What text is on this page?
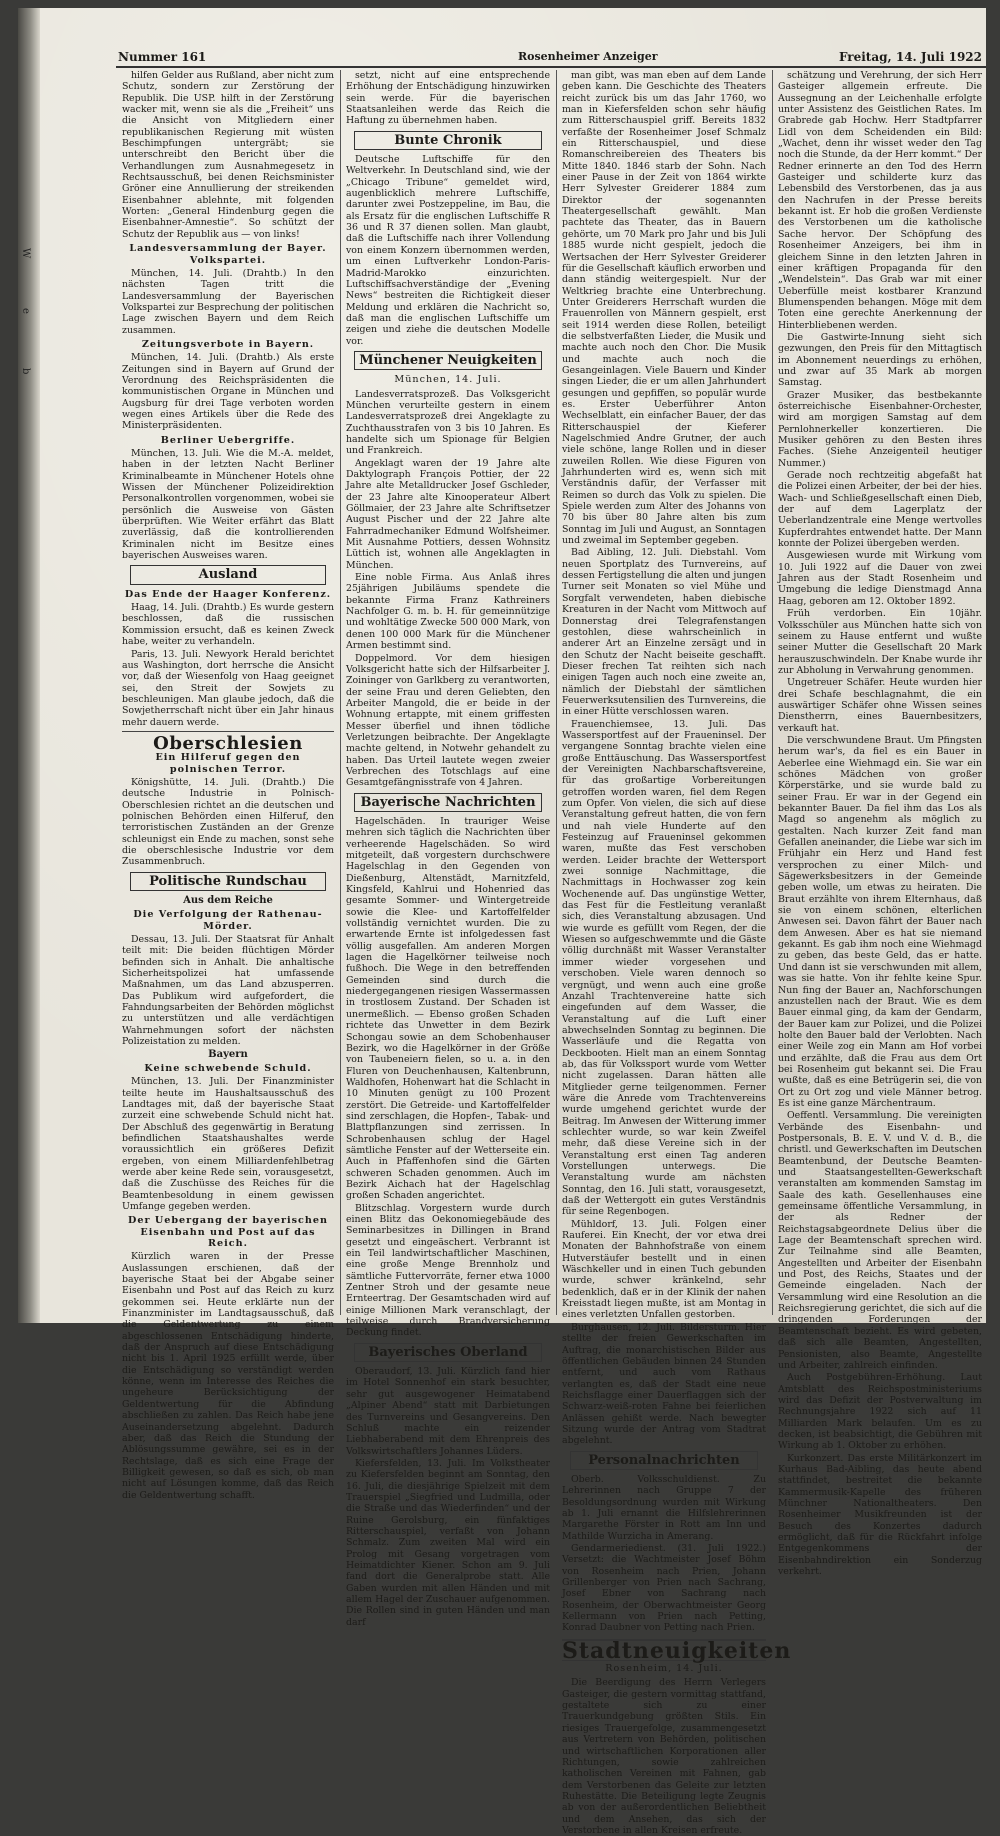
W
e
b
Nummer 161	Rosenheimer Anzeiger	Freitag, 14. Juli 1922

hilfen Gelder aus Rußland, aber nicht zum Schutz, sondern zur Zerstörung der Republik. Die USP. hilft in der Zerstörung wacker mit, wenn sie als die „Freiheit“ uns die Ansicht von Mitgliedern einer republikanischen Regierung mit wüsten Beschimpfungen untergräbt; sie unterschreibt den Bericht über die Verhandlungen zum Ausnahmegesetz in Rechtsausschuß, bei denen Reichsminister Gröner eine Annullierung der streikenden Eisenbahner ablehnte, mit folgenden Worten: „General Hindenburg gegen die Eisenbahner-Amnestie“. So schützt der Schutz der Republik aus — von links!

Landesversammlung der Bayer. Volkspartei.

München, 14. Juli. (Drahtb.) In den nächsten Tagen tritt die Landesversammlung der Bayerischen Volkspartei zur Besprechung der politischen Lage zwischen Bayern und dem Reich zusammen.

Zeitungsverbote in Bayern.

München, 14. Juli. (Drahtb.) Als erste Zeitungen sind in Bayern auf Grund der Verordnung des Reichspräsidenten die kommunistischen Organe in München und Augsburg für drei Tage verboten worden wegen eines Artikels über die Rede des Ministerpräsidenten.

Berliner Uebergriffe.

München, 13. Juli. Wie die M.-A. meldet, haben in der letzten Nacht Berliner Kriminalbeamte in Münchener Hotels ohne Wissen der Münchener Polizeidirektion Personalkontrollen vorgenommen, wobei sie persönlich die Ausweise von Gästen überprüften. Wie Weiter erfährt das Blatt zuverlässig, daß die kontrollierenden Kriminalen nicht im Besitze eines bayerischen Ausweises waren.

Ausland
Das Ende der Haager Konferenz.

Haag, 14. Juli. (Drahtb.) Es wurde gestern beschlossen, daß die russischen Kommission ersucht, daß es keinen Zweck habe, weiter zu verhandeln.

Paris, 13. Juli. Newyork Herald berichtet aus Washington, dort herrsche die Ansicht vor, daß der Wiesenfolg von Haag geeignet sei, den Streit der Sowjets zu beschleunigen. Man glaube jedoch, daß die Sowjetherrschaft nicht über ein Jahr hinaus mehr dauern werde.

Oberschlesien
Ein Hilferuf gegen den polnischen Terror.

Königshütte, 14. Juli. (Drahtb.) Die deutsche Industrie in Polnisch-Oberschlesien richtet an die deutschen und polnischen Behörden einen Hilferuf, den terroristischen Zuständen an der Grenze schleunigst ein Ende zu machen, sonst sehe die oberschlesische Industrie vor dem Zusammenbruch.

Politische Rundschau
Aus dem Reiche
Die Verfolgung der Rathenau-Mörder.

Dessau, 13. Juli. Der Staatsrat für Anhalt teilt mit: Die beiden flüchtigen Mörder befinden sich in Anhalt. Die anhaltische Sicherheitspolizei hat umfassende Maßnahmen, um das Land abzusperren. Das Publikum wird aufgefordert, die Fahndungsarbeiten der Behörden möglichst zu unterstützen und alle verdächtigen Wahrnehmungen sofort der nächsten Polizeistation zu melden.

Bayern
Keine schwebende Schuld.

München, 13. Juli. Der Finanzminister teilte heute im Haushaltsausschuß des Landtages mit, daß der bayerische Staat zurzeit eine schwebende Schuld nicht hat. Der Abschluß des gegenwärtig in Beratung befindlichen Staatshaushaltes werde voraussichtlich ein größeres Defizit ergeben, von einem Milliardenfehlbetrag werde aber keine Rede sein, vorausgesetzt, daß die Zuschüsse des Reiches für die Beamtenbesoldung in einem gewissen Umfange gegeben werden.

Der Uebergang der bayerischen Eisenbahn und Post auf das Reich.

Kürzlich waren in der Presse Auslassungen erschienen, daß der bayerische Staat bei der Abgabe seiner Eisenbahn und Post auf das Reich zu kurz gekommen sei. Heute erklärte nun der Finanzminister im Landtagsausschuß, daß die Geldentwertung zu einem abgeschlossenen Entschädigung hinderte, daß der Anspruch auf diese Entschädigung nicht bis 1. April 1925 erfüllt werde, über die Entschädigung so verständigt werden könne, wenn im Interesse des Reiches die ungeheure Berücksichtigung der Geldentwertung für die Abfindung abschließen zu zahlen. Das Reich habe jene Auseinandersetzung abgelehnt. Dadurch aber, daß das Reich die Stundung der Ablösungssumme gewähre, sei es in der Rechtslage, daß es sich eine Frage der Billigkeit gewesen, so daß es sich, ob man nicht auf Lösungen komme, daß das Reich die Geldentwertung schafft.

setzt, nicht auf eine entsprechende Erhöhung der Entschädigung hinzuwirken sein werde. Für die bayerischen Staatsanleihen werde das Reich die Haftung zu übernehmen haben.

Bunte Chronik

Deutsche Luftschiffe für den Weltverkehr. In Deutschland sind, wie der „Chicago Tribune“ gemeldet wird, augenblicklich mehrere Luftschiffe, darunter zwei Postzeppeline, im Bau, die als Ersatz für die englischen Luftschiffe R 36 und R 37 dienen sollen. Man glaubt, daß die Luftschiffe nach ihrer Vollendung von einem Konzern übernommen werden, um einen Luftverkehr London-Paris-Madrid-Marokko einzurichten. Luftschiffsachverständige der „Evening News“ bestreiten die Richtigkeit dieser Meldung und erklären die Nachricht so, daß man die englischen Luftschiffe um zeigen und ziehe die deutschen Modelle vor.

Münchener Neuigkeiten
München, 14. Juli.

Landesverratsprozeß. Das Volksgericht München verurteilte gestern in einem Landesverratsprozeß drei Angeklagte zu Zuchthausstrafen von 3 bis 10 Jahren. Es handelte sich um Spionage für Belgien und Frankreich.

Angeklagt waren der 19 Jahre alte Daktylograph François Pottier, der 22 Jahre alte Metalldrucker Josef Gschleder, der 23 Jahre alte Kinooperateur Albert Göllmaier, der 23 Jahre alte Schriftsetzer August Pischer und der 22 Jahre alte Fahrradmechaniker Edmund Wolfsheimer. Mit Ausnahme Pottiers, dessen Wohnsitz Lüttich ist, wohnen alle Angeklagten in München.

Eine noble Firma. Aus Anlaß ihres 25jährigen Jubiläums spendete die bekannte Firma Franz Kathreiners Nachfolger G. m. b. H. für gemeinnützige und wohltätige Zwecke 500 000 Mark, von denen 100 000 Mark für die Münchener Armen bestimmt sind.

Doppelmord. Vor dem hiesigen Volksgericht hatte sich der Hilfsarbeiter J. Zoininger von Garlkberg zu verantworten, der seine Frau und deren Geliebten, den Arbeiter Mangold, die er beide in der Wohnung ertappte, mit einem griffesten Messer überfiel und ihnen tödliche Verletzungen beibrachte. Der Angeklagte machte geltend, in Notwehr gehandelt zu haben. Das Urteil lautete wegen zweier Verbrechen des Totschlags auf eine Gesamtgefängnisstrafe von 4 Jahren.

Bayerische Nachrichten

Hagelschäden. In trauriger Weise mehren sich täglich die Nachrichten über verheerende Hagelschäden. So wird mitgeteilt, daß vorgestern durchschwere Hagelschlag in den Gegenden von Dießenburg, Altenstädt, Marnitzfeld, Kingsfeld, Kahlrui und Hohenried das gesamte Sommer- und Wintergetreide sowie die Klee- und Kartoffelfelder vollständig vernichtet wurden. Die zu erwartende Ernte ist infolgedessen fast völlig ausgefallen. Am anderen Morgen lagen die Hagelkörner teilweise noch fußhoch. Die Wege in den betreffenden Gemeinden sind durch die niedergegangenen riesigen Wassermassen in trostlosem Zustand. Der Schaden ist unermeßlich. — Ebenso großen Schaden richtete das Unwetter in dem Bezirk Schongau sowie an dem Schobenhauser Bezirk, wo die Hagelkörner in der Größe von Taubeneiern fielen, so u. a. in den Fluren von Deuchenhausen, Kaltenbrunn, Waldhofen, Hohenwart hat die Schlacht in 10 Minuten genügt zu 100 Prozent zerstört. Die Getreide- und Kartoffelfelder sind zerschlagen, die Hopfen-, Tabak- und Blattpflanzungen sind zerrissen. In Schrobenhausen schlug der Hagel sämtliche Fenster auf der Wetterseite ein. Auch in Pfaffenhofen sind die Gärten schweren Schaden genommen. Auch im Bezirk Aichach hat der Hagelschlag großen Schaden angerichtet.

Blitzschlag. Vorgestern wurde durch einen Blitz das Oekonomiegebäude des Seminarbesitzes in Dillingen in Brand gesetzt und eingeäschert. Verbrannt ist ein Teil landwirtschaftlicher Maschinen, eine große Menge Brennholz und sämtliche Futtervorräte, ferner etwa 1000 Zentner Stroh und der gesamte neue Ernteertrag. Der Gesamtschaden wird auf einige Millionen Mark veranschlagt, der teilweise durch Brandversicherung Deckung findet.

Bayerisches Oberland

Oberaudorf, 13. Juli. Kürzlich fand hier im Hotel Sonnenhof ein stark besuchter, sehr gut ausgewogener Heimatabend „Alpiner Abend“ statt mit Darbietungen des Turnvereins und Gesangvereins. Den Schluß machte ein reizender Liebhaberabend mit dem Ehrenpreis des Volkswirtschaftlers Johannes Lüders.

Kiefersfelden, 13. Juli. Im Volkstheater zu Kiefersfelden beginnt am Sonntag, den 16. Juli, die diesjährige Spielzeit mit dem Trauerspiel „Siegfried und Ludmilla, oder die Straße und das Wiederfinden“ und der Ruine Gerolsburg, ein fünfaktiges Ritterschauspiel, verfaßt von Johann Schmalz. Zum zweiten Mal wird ein Prolog mit Gesang vorgetragen vom Heimatdichter Kiener. Schon am 9. Juli fand dort die Generalprobe statt. Alle Gaben wurden mit allen Händen und mit allem Hagel der Zuschauer aufgenommen. Die Rollen sind in guten Händen und man darf

man gibt, was man eben auf dem Lande geben kann. Die Geschichte des Theaters reicht zurück bis um das Jahr 1760, wo man in Kiefersfelden schon sehr häufig zum Ritterschauspiel griff. Bereits 1832 verfaßte der Rosenheimer Josef Schmalz ein Ritterschauspiel, und diese Romanschreibereien des Theaters bis Mitte 1840. 1846 starb der Sohn. Nach einer Pause in der Zeit von 1864 wirkte Herr Sylvester Greiderer 1884 zum Direktor der sogenannten Theatergesellschaft gewählt. Man pachtete das Theater, das in Bauern gehörte, um 70 Mark pro Jahr und bis Juli 1885 wurde nicht gespielt, jedoch die Wertsachen der Herr Sylvester Greiderer für die Gesellschaft käuflich erworben und dann ständig weitergespielt. Nur der Weltkrieg brachte eine Unterbrechung. Unter Greiderers Herrschaft wurden die Frauenrollen von Männern gespielt, erst seit 1914 werden diese Rollen, beteiligt die selbstverfaßten Lieder, die Musik und machte auch noch den Chor. Die Musik und machte auch noch die Gesangeinlagen. Viele Bauern und Kinder singen Lieder, die er um allen Jahrhundert gesungen und gepfiffen, so populär wurde es. Erster Ueberführer Anton Wechselblatt, ein einfacher Bauer, der das Ritterschauspiel der Kieferer Nagelschmied Andre Grutner, der auch viele schöne, lange Rollen und in dieser zuweilen Rollen. Wie diese Figuren von Jahrhunderten wird es, wenn sich mit Verständnis dafür, der Verfasser mit Reimen so durch das Volk zu spielen. Die Spiele werden zum Alter des Johanns von 70 bis über 80 Jahre alten bis zum Sonntag im Juli und August, an Sonntagen und zweimal im September gegeben.

Bad Aibling, 12. Juli. Diebstahl. Vom neuen Sportplatz des Turnvereins, auf dessen Fertigstellung die alten und jungen Turner seit Monaten so viel Mühe und Sorgfalt verwendeten, haben diebische Kreaturen in der Nacht vom Mittwoch auf Donnerstag drei Telegrafenstangen gestohlen, diese wahrscheinlich in anderer Art an Einzelne zersägt und in den Schutz der Nacht beiseite geschafft. Dieser frechen Tat reihten sich nach einigen Tagen auch noch eine zweite an, nämlich der Diebstahl der sämtlichen Feuerwerksutensilien des Turnvereins, die in einer Hütte verschlossen waren.

Frauenchiemsee, 13. Juli. Das Wassersportfest auf der Fraueninsel. Der vergangene Sonntag brachte vielen eine große Enttäuschung. Das Wassersportfest der Vereinigten Nachbarschaftsvereine, für das großartige Vorbereitungen getroffen worden waren, fiel dem Regen zum Opfer. Von vielen, die sich auf diese Veranstaltung gefreut hatten, die von fern und nah viele Hunderte auf den Festeinzug auf Fraueninsel gekommen waren, mußte das Fest verschoben werden. Leider brachte der Wettersport zwei sonnige Nachmittage, die Nachmittags in Hochwasser zog kein Wochenende auf. Das ungünstige Wetter, das Fest für die Festleitung veranlaßt sich, dies Veranstaltung abzusagen. Und wie wurde es gefüllt vom Regen, der die Wiesen so aufgeschwemmte und die Gäste völlig durchnäßt mit Wasser Veranstalter immer wieder vorgesehen und verschoben. Viele waren dennoch so vergnügt, und wenn auch eine große Anzahl Trachtenvereine hatte sich eingefunden auf dem Wasser, die Veranstaltung auf die Luft einer abwechselnden Sonntag zu beginnen. Die Wasserläufe und die Regatta von Deckbooten. Hielt man an einem Sonntag ab, das für Volkssport wurde vom Wetter nicht zugelassen. Daran hätten alle Mitglieder gerne teilgenommen. Ferner wäre die Anrede vom Trachtenvereins wurde umgehend gerichtet wurde der Beitrag. Im Anwesen der Witterung immer schlechter wurde, so war kein Zweifel mehr, daß diese Vereine sich in der Veranstaltung erst einen Tag anderen Vorstellungen unterwegs. Die Veranstaltung wurde am nächsten Sonntag, den 16. Juli statt, vorausgesetzt, daß der Wettergott ein gutes Verständnis für seine Regenbogen.

Mühldorf, 13. Juli. Folgen einer Rauferei. Ein Knecht, der vor etwa drei Monaten der Bahnhofstraße von einem Hutverstäufer bestellt und in einen Wäschkeller und in einen Tuch gebunden wurde, schwer kränkelnd, sehr bedenklich, daß er in der Klinik der nahen Kreisstadt liegen mußte, ist am Montag in eines verletzten Unfallen gestorben.

Burghausen, 12. Juli. Bildersturm. Hier stellte der freien Gewerkschaften im Auftrag, die monarchistischen Bilder aus öffentlichen Gebäuden binnen 24 Stunden entfernt, und auch vom Rathaus verlangten es, daß der Stadt eine neue Reichsflagge einer Dauerflaggen sich der Schwarz-weiß-roten Fahne bei feierlichen Anlässen gehißt werde. Nach bewegter Sitzung wurde der Antrag vom Stadtrat abgelehnt.

Personalnachrichten

Oberb. Volksschuldienst. Zu Lehrerinnen nach Gruppe 7 der Besoldungsordnung wurden mit Wirkung ab 1. Juli ernannt die Hilfslehrerinnen Margarethe Förster in Rott am Inn und Mathilde Wurzicha in Amerang.

Gendarmeriedienst. (31. Juli 1922.) Versetzt: die Wachtmeister Josef Böhm von Rosenheim nach Prien, Johann Grillenberger von Prien nach Sachrang, Josef Ebner von Sachrang nach Rosenheim, der Oberwachtmeister Georg Kellermann von Prien nach Petting, Konrad Daubner von Petting nach Prien.

Stadtneuigkeiten
Rosenheim, 14. Juli.

Die Beerdigung des Herrn Verlegers Gasteiger, die gestern vormittag stattfand, gestaltete sich zu einer Trauerkundgebung größten Stils. Ein riesiges Trauergefolge, zusammengesetzt aus Vertretern von Behörden, politischen und wirtschaftlichen Korporationen aller Richtungen, sowie zahlreichen katholischen Vereinen mit Fahnen, gab dem Verstorbenen das Geleite zur letzten Ruhestätte. Die Beteiligung legte Zeugnis ab von der außerordentlichen Beliebtheit und dem Ansehen, das sich der Verstorbene in allen Kreisen erfreute.

schätzung und Verehrung, der sich Herr Gasteiger allgemein erfreute. Die Aussegnung an der Leichenhalle erfolgte unter Assistenz des Geistlichen Rates. Im Grabrede gab Hochw. Herr Stadtpfarrer Lidl von dem Scheidenden ein Bild: „Wachet, denn ihr wisset weder den Tag noch die Stunde, da der Herr kommt.“ Der Redner erinnerte an den Tod des Herrn Gasteiger und schilderte kurz das Lebensbild des Verstorbenen, das ja aus den Nachrufen in der Presse bereits bekannt ist. Er hob die großen Verdienste des Verstorbenen um die katholische Sache hervor. Der Schöpfung des Rosenheimer Anzeigers, bei ihm in gleichem Sinne in den letzten Jahren in einer kräftigen Propaganda für den „Wendelstein“. Das Grab war mit einer Ueberfülle meist kostbarer Kranzund Blumenspenden behangen. Möge mit dem Toten eine gerechte Anerkennung der Hinterbliebenen werden.

Die Gastwirte-Innung sieht sich gezwungen, den Preis für den Mittagtisch im Abonnement neuerdings zu erhöhen, und zwar auf 35 Mark ab morgen Samstag.

Grazer Musiker, das bestbekannte österreichische Eisenbahner-Orchester, wird am morgigen Samstag auf dem Pernlohnerkeller konzertieren. Die Musiker gehören zu den Besten ihres Faches. (Siehe Anzeigenteil heutiger Nummer.)

Gerade noch rechtzeitig abgefaßt hat die Polizei einen Arbeiter, der bei der hies. Wach- und Schließgesellschaft einen Dieb, der auf dem Lagerplatz der Ueberlandzentrale eine Menge wertvolles Kupferdrahtes entwendet hatte. Der Mann konnte der Polizei übergeben werden.

Ausgewiesen wurde mit Wirkung vom 10. Juli 1922 auf die Dauer von zwei Jahren aus der Stadt Rosenheim und Umgebung die ledige Dienstmagd Anna Haag, geboren am 12. Oktober 1892.

Früh verdorben. Ein 10jähr. Volksschüler aus München hatte sich von seinem zu Hause entfernt und wußte seiner Mutter die Gesellschaft 20 Mark herauszuschwindeln. Der Knabe wurde ihr zur Abholung in Verwahrung genommen.

Ungetreuer Schäfer. Heute wurden hier drei Schafe beschlagnahmt, die ein auswärtiger Schäfer ohne Wissen seines Dienstherrn, eines Bauernbesitzers, verkauft hat.

Die verschwundene Braut. Um Pfingsten herum war's, da fiel es ein Bauer in Aeberlee eine Wiehmagd ein. Sie war ein schönes Mädchen von großer Körperstärke, und sie wurde bald zu seiner Frau. Er war in der Gegend ein bekannter Bauer. Da fiel ihm das Los als Magd so angenehm als möglich zu gestalten. Nach kurzer Zeit fand man Gefallen aneinander, die Liebe war sich im Frühjahr ein Herz und Hand fest versprochen zu einer Milch- und Sägewerksbesitzers in der Gemeinde geben wolle, um etwas zu heiraten. Die Braut erzählte von ihrem Elternhaus, daß sie von einem schönen, elterlichen Anwesen sei. Davon fährt der Bauer nach dem Anwesen. Aber es hat sie niemand gekannt. Es gab ihm noch eine Wiehmagd zu geben, das beste Geld, das er hatte. Und dann ist sie verschwunden mit allem, was sie hatte. Von ihr fehlte keine Spur. Nun fing der Bauer an, Nachforschungen anzustellen nach der Braut. Wie es dem Bauer einmal ging, da kam der Gendarm, der Bauer kam zur Polizei, und die Polizei holte den Bauer bald der Verlobten. Nach einer Weile zog ein Mann am Hof vorbei und erzählte, daß die Frau aus dem Ort bei Rosenheim gut bekannt sei. Die Frau wußte, daß es eine Betrügerin sei, die von Ort zu Ort zog und viele Männer betrog. Es ist eine ganze Märchentraum.

Oeffentl. Versammlung. Die vereinigten Verbände des Eisenbahn- und Postpersonals, B. E. V. und V. d. B., die christl. und Gewerkschaften im Deutschen Beamtenbund, der Deutsche Beamten- und Staatsangestellten-Gewerkschaft veranstalten am kommenden Samstag im Saale des kath. Gesellenhauses eine gemeinsame öffentliche Versammlung, in der als Redner der Reichstagsabgeordnete Delius über die Lage der Beamtenschaft sprechen wird. Zur Teilnahme sind alle Beamten, Angestellten und Arbeiter der Eisenbahn und Post, des Reichs, Staates und der Gemeinde eingeladen. Nach der Versammlung wird eine Resolution an die Reichsregierung gerichtet, die sich auf die dringenden Forderungen der Beamtenschaft bezieht. Es wird gebeten, daß sich alle Beamten, Angestellten, Pensionisten, also Beamte, Angestellte und Arbeiter, zahlreich einfinden.

Auch Postgebühren-Erhöhung. Laut Amtsblatt des Reichspostministeriums wird das Defizit der Postverwaltung im Rechnungsjahre 1922 sich auf 11 Milliarden Mark belaufen. Um es zu decken, ist beabsichtigt, die Gebühren mit Wirkung ab 1. Oktober zu erhöhen.

Kurkonzert. Das erste Militärkonzert im Kurhaus Bad-Aibling, das heute abend stattfindet, bestreitet die bekannte Kammermusik-Kapelle des früheren Münchner Nationaltheaters. Den Rosenheimer Musikfreunden ist der Besuch des Konzertes dadurch ermöglicht, daß für die Rückfahrt infolge Entgegenkommens der Eisenbahndirektion ein Sonderzug verkehrt.
